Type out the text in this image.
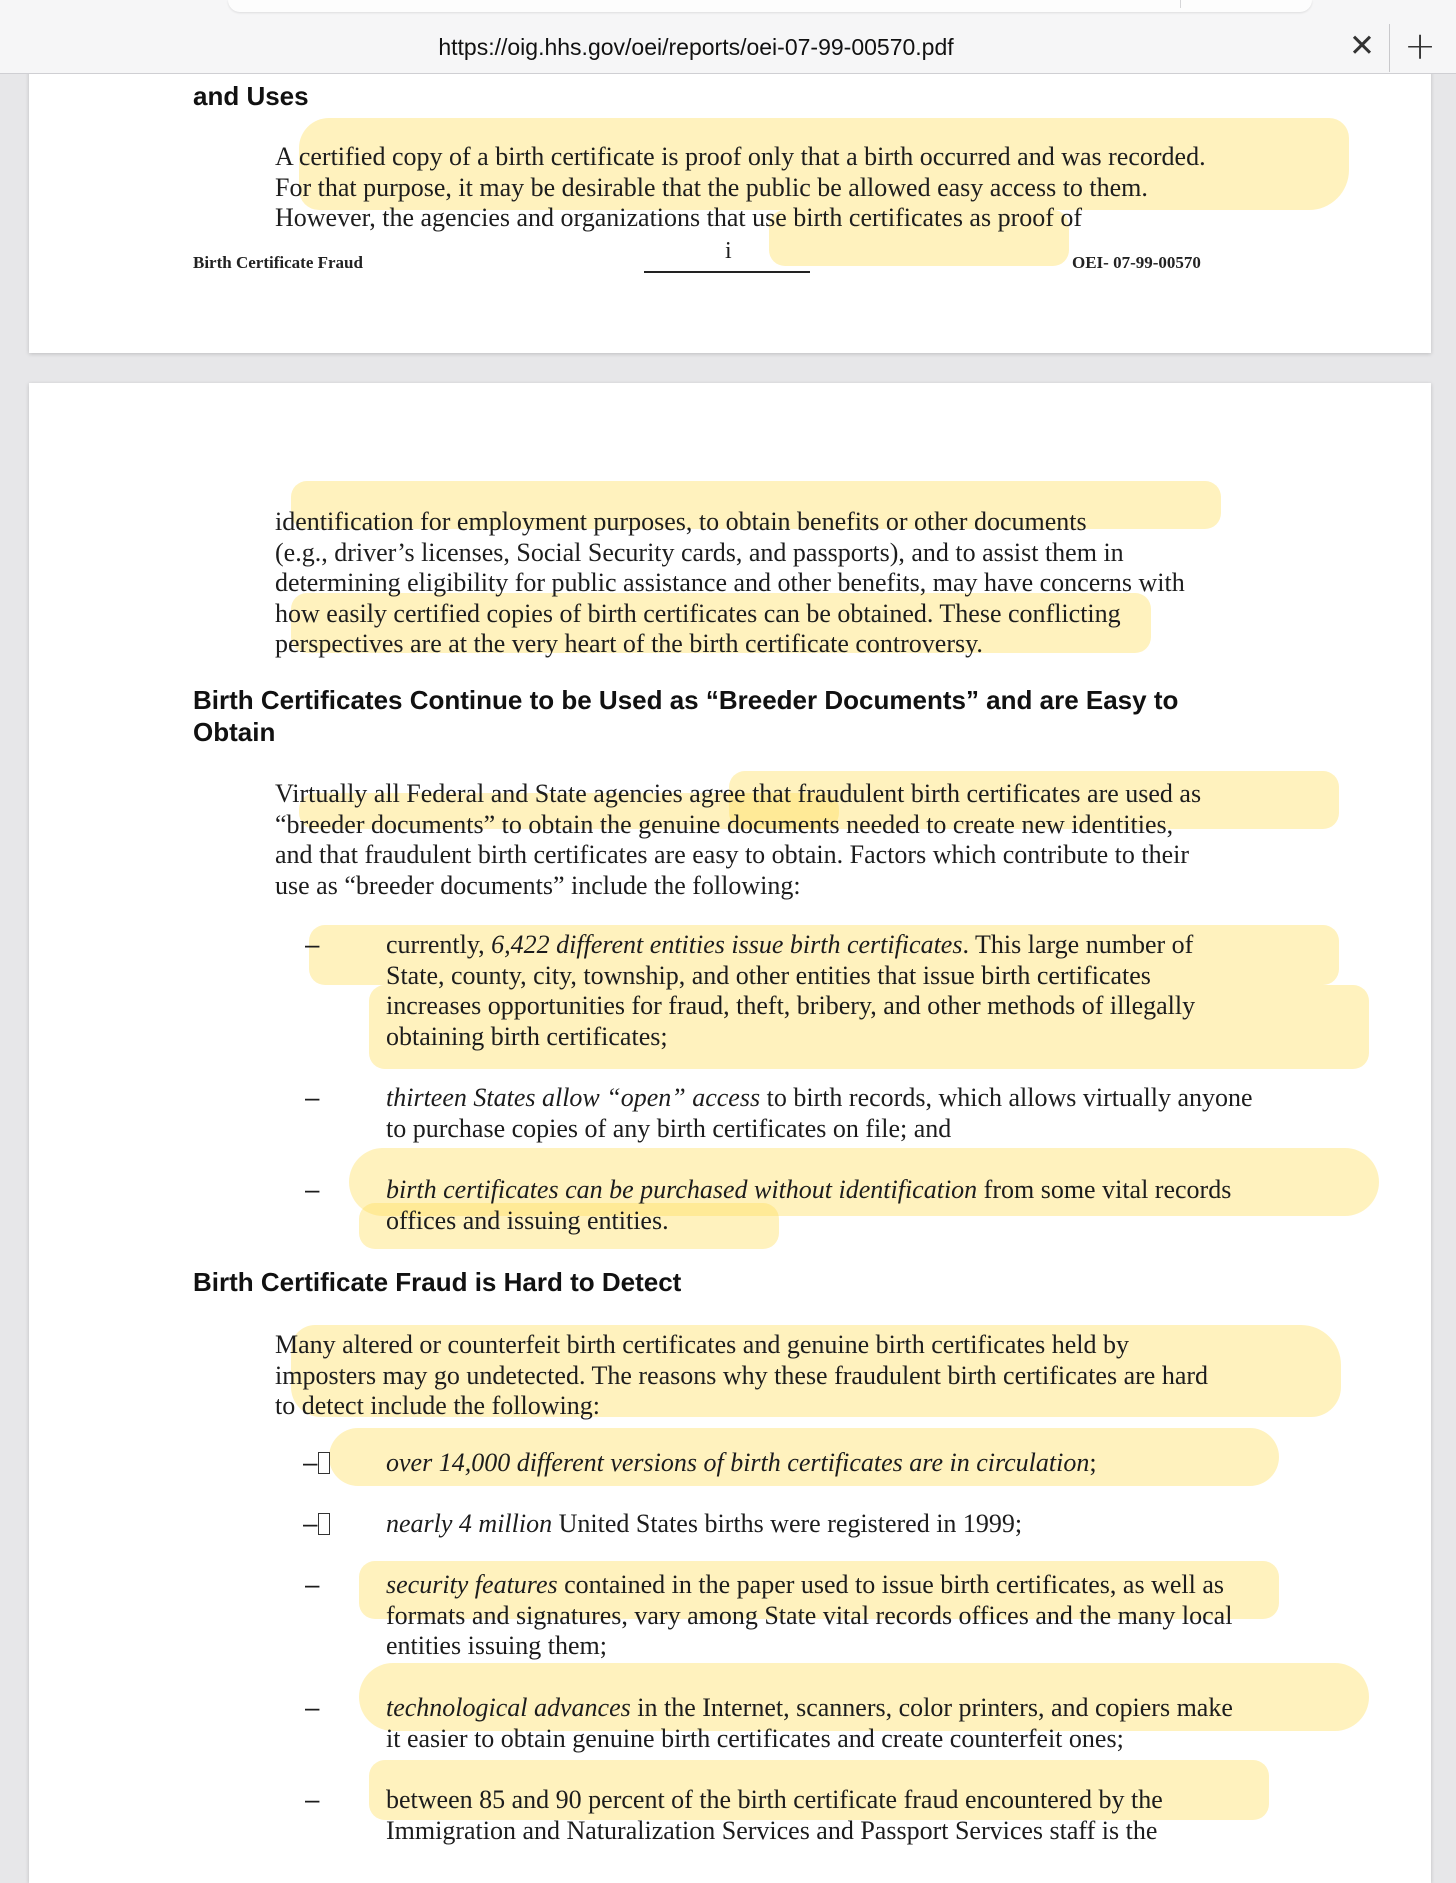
https://oig.hhs.gov/oei/reports/oei-07-99-00570.pdf	✕ +
and Uses

A certified copy of a birth certificate is proof only that a birth occurred and was recorded.

For that purpose, it may be desirable that the public be allowed easy access to them.

However, the agencies and organizations that use birth certificates as proof of

Birth Certificate Fraud	i	OEI- 07-99-00570

identification for employment purposes, to obtain benefits or other documents

(e.g., driver’s licenses, Social Security cards, and passports), and to assist them in

determining eligibility for public assistance and other benefits, may have concerns with

how easily certified copies of birth certificates can be obtained. These conflicting

perspectives are at the very heart of the birth certificate controversy.

Birth Certificates Continue to be Used as “Breeder Documents” and are Easy to
Obtain

Virtually all Federal and State agencies agree that fraudulent birth certificates are used as

“breeder documents” to obtain the genuine documents needed to create new identities,

and that fraudulent birth certificates are easy to obtain. Factors which contribute to their

use as “breeder documents” include the following:

–	currently, 6,422 different entities issue birth certificates. This large number of

State, county, city, township, and other entities that issue birth certificates

increases opportunities for fraud, theft, bribery, and other methods of illegally

obtaining birth certificates;

–	thirteen States allow “open” access to birth records, which allows virtually anyone

to purchase copies of any birth certificates on file; and

–	birth certificates can be purchased without identification from some vital records

offices and issuing entities.

Birth Certificate Fraud is Hard to Detect

Many altered or counterfeit birth certificates and genuine birth certificates held by

imposters may go undetected. The reasons why these fraudulent birth certificates are hard

to detect include the following:

–	over 14,000 different versions of birth certificates are in circulation;

–	nearly 4 million United States births were registered in 1999;

–	security features contained in the paper used to issue birth certificates, as well as

formats and signatures, vary among State vital records offices and the many local

entities issuing them;

–	technological advances in the Internet, scanners, color printers, and copiers make

it easier to obtain genuine birth certificates and create counterfeit ones;

–	between 85 and 90 percent of the birth certificate fraud encountered by the

Immigration and Naturalization Services and Passport Services staff is the
